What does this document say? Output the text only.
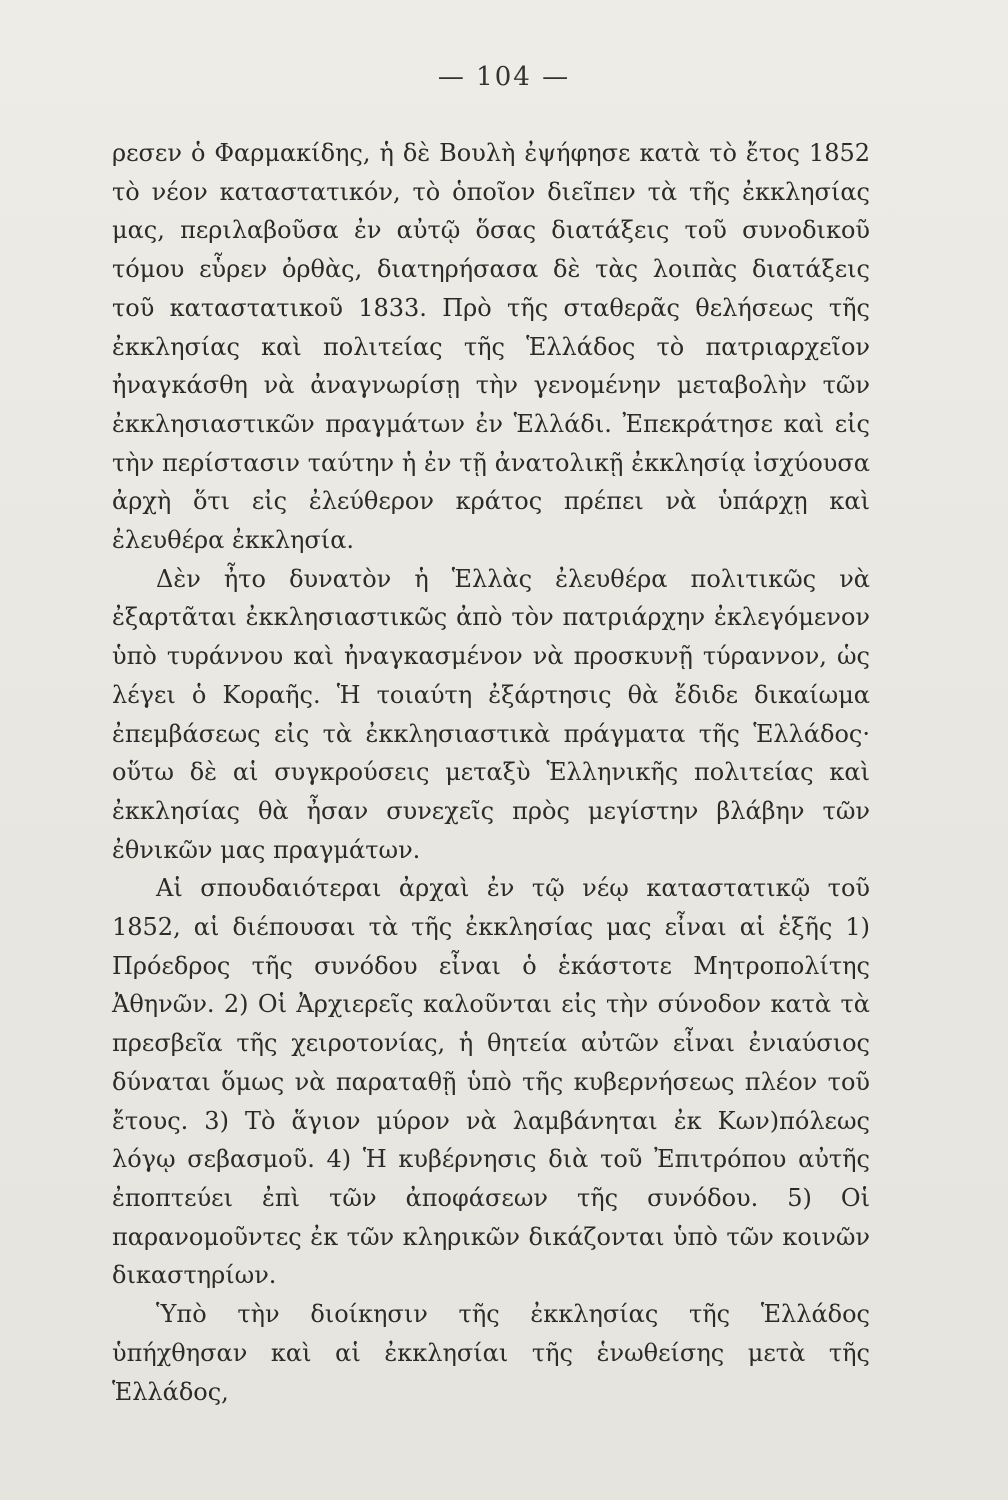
— 104 —

ρεσεν ὁ Φαρμακίδης, ἡ δὲ Βουλὴ ἐψήφησε κατὰ τὸ ἔτος 1852 τὸ νέον καταστατικόν, τὸ ὁποῖον διεῖπεν τὰ τῆς ἐκκλησίας μας, περιλαβοῦσα ἐν αὐτῷ ὅσας διατάξεις τοῦ συνοδικοῦ τόμου εὗρεν ὀρθὰς, διατηρήσασα δὲ τὰς λοιπὰς διατάξεις τοῦ καταστατικοῦ 1833. Πρὸ τῆς σταθερᾶς θελήσεως τῆς ἐκκλησίας καὶ πολιτείας τῆς Ἑλλάδος τὸ πατριαρχεῖον ἠναγκάσθη νὰ ἀναγνωρίσῃ τὴν γενομένην μεταβολὴν τῶν ἐκκλησιαστικῶν πραγμάτων ἐν Ἑλλάδι. Ἐπεκράτησε καὶ εἰς τὴν περίστασιν ταύτην ἡ ἐν τῇ ἀνατολικῇ ἐκκλησίᾳ ἰσχύουσα ἀρχὴ ὅτι εἰς ἐλεύθερον κράτος πρέπει νὰ ὑπάρχῃ καὶ ἐλευθέρα ἐκκλησία.

Δὲν ἦτο δυνατὸν ἡ Ἑλλὰς ἐλευθέρα πολιτικῶς νὰ ἐξαρτᾶται ἐκκλησιαστικῶς ἀπὸ τὸν πατριάρχην ἐκλεγόμενον ὑπὸ τυράννου καὶ ἠναγκασμένον νὰ προσκυνῇ τύραννον, ὡς λέγει ὁ Κοραῆς. Ἡ τοιαύτη ἐξάρτησις θὰ ἔδιδε δικαίωμα ἐπεμβάσεως εἰς τὰ ἐκκλησιαστικὰ πράγματα τῆς Ἑλλάδος· οὕτω δὲ αἱ συγκρούσεις μεταξὺ Ἑλληνικῆς πολιτείας καὶ ἐκκλησίας θὰ ἦσαν συνεχεῖς πρὸς μεγίστην βλάβην τῶν ἐθνικῶν μας πραγμάτων.

Αἱ σπουδαιότεραι ἀρχαὶ ἐν τῷ νέῳ καταστατικῷ τοῦ 1852, αἱ διέπουσαι τὰ τῆς ἐκκλησίας μας εἶναι αἱ ἑξῆς 1) Πρόεδρος τῆς συνόδου εἶναι ὁ ἑκάστοτε Μητροπολίτης Ἀθηνῶν. 2) Οἱ Ἀρχιερεῖς καλοῦνται εἰς τὴν σύνοδον κατὰ τὰ πρεσβεῖα τῆς χειροτονίας, ἡ θητεία αὐτῶν εἶναι ἐνιαύσιος δύναται ὅμως νὰ παραταθῇ ὑπὸ τῆς κυβερνήσεως πλέον τοῦ ἔτους. 3) Τὸ ἅγιον μύρον νὰ λαμβάνηται ἐκ Κων)πόλεως λόγῳ σεβασμοῦ. 4) Ἡ κυβέρνησις διὰ τοῦ Ἐπιτρόπου αὐτῆς ἐποπτεύει ἐπὶ τῶν ἀποφάσεων τῆς συνόδου. 5) Οἱ παρανομοῦντες ἐκ τῶν κληρικῶν δικάζονται ὑπὸ τῶν κοινῶν δικαστηρίων.

Ὑπὸ τὴν διοίκησιν τῆς ἐκκλησίας τῆς Ἑλλάδος ὑπήχθησαν καὶ αἱ ἐκκλησίαι τῆς ἑνωθείσης μετὰ τῆς Ἑλλάδος,
